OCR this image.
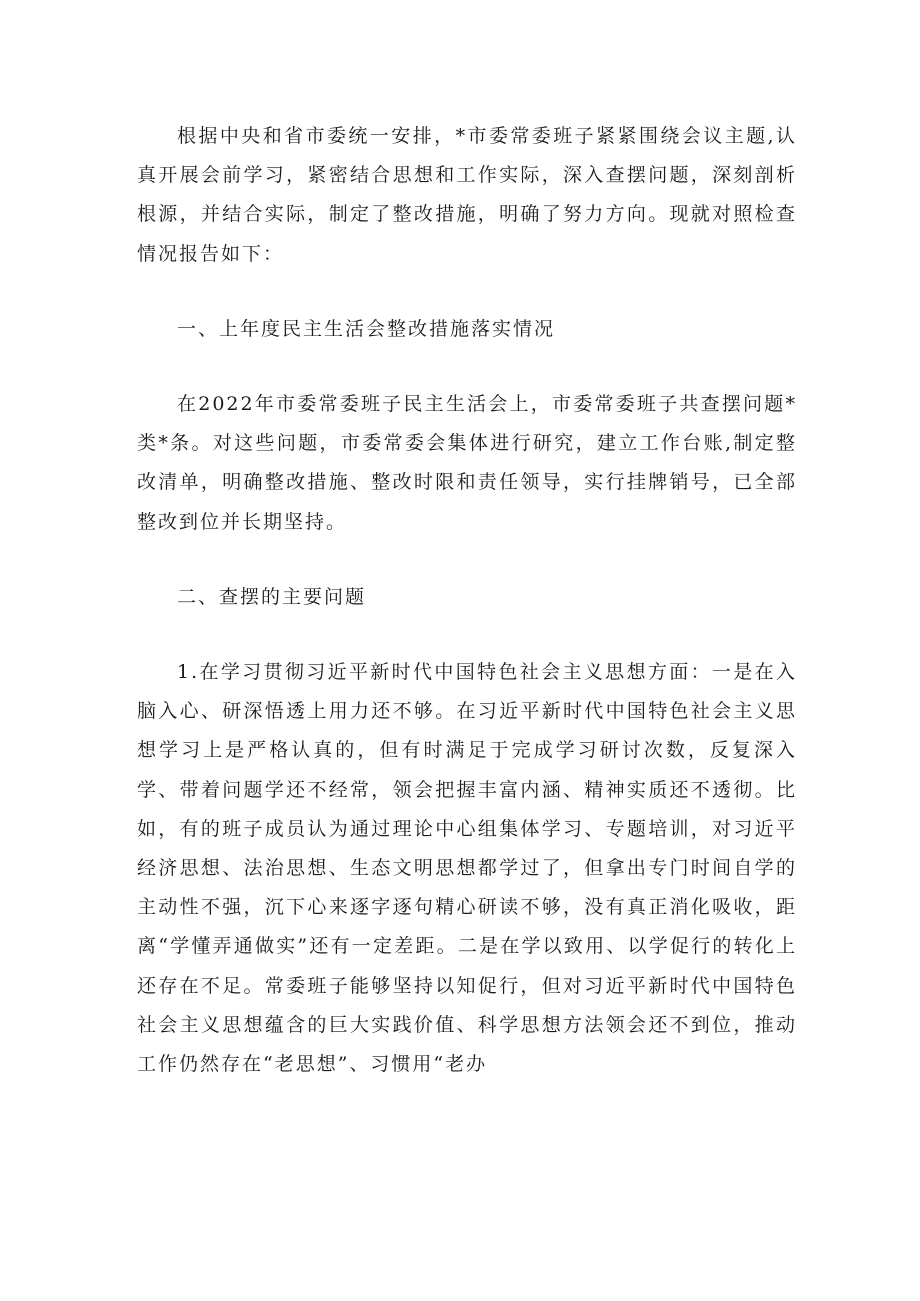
根据中央和省市委统一安排，*市委常委班子紧紧围绕会议主题,认真开展会前学习，紧密结合思想和工作实际，深入查摆问题，深刻剖析根源，并结合实际，制定了整改措施，明确了努力方向。现就对照检查情况报告如下：

一、上年度民主生活会整改措施落实情况

在2022年市委常委班子民主生活会上，市委常委班子共查摆问题*类*条。对这些问题，市委常委会集体进行研究，建立工作台账,制定整改清单，明确整改措施、整改时限和责任领导，实行挂牌销号，已全部整改到位并长期坚持。

二、查摆的主要问题

1.在学习贯彻习近平新时代中国特色社会主义思想方面：一是在入脑入心、研深悟透上用力还不够。在习近平新时代中国特色社会主义思想学习上是严格认真的，但有时满足于完成学习研讨次数，反复深入学、带着问题学还不经常，领会把握丰富内涵、精神实质还不透彻。比如，有的班子成员认为通过理论中心组集体学习、专题培训，对习近平经济思想、法治思想、生态文明思想都学过了，但拿出专门时间自学的主动性不强，沉下心来逐字逐句精心研读不够，没有真正消化吸收，距离“学懂弄通做实”还有一定差距。二是在学以致用、以学促行的转化上还存在不足。常委班子能够坚持以知促行，但对习近平新时代中国特色社会主义思想蕴含的巨大实践价值、科学思想方法领会还不到位，推动工作仍然存在“老思想”、习惯用“老办
